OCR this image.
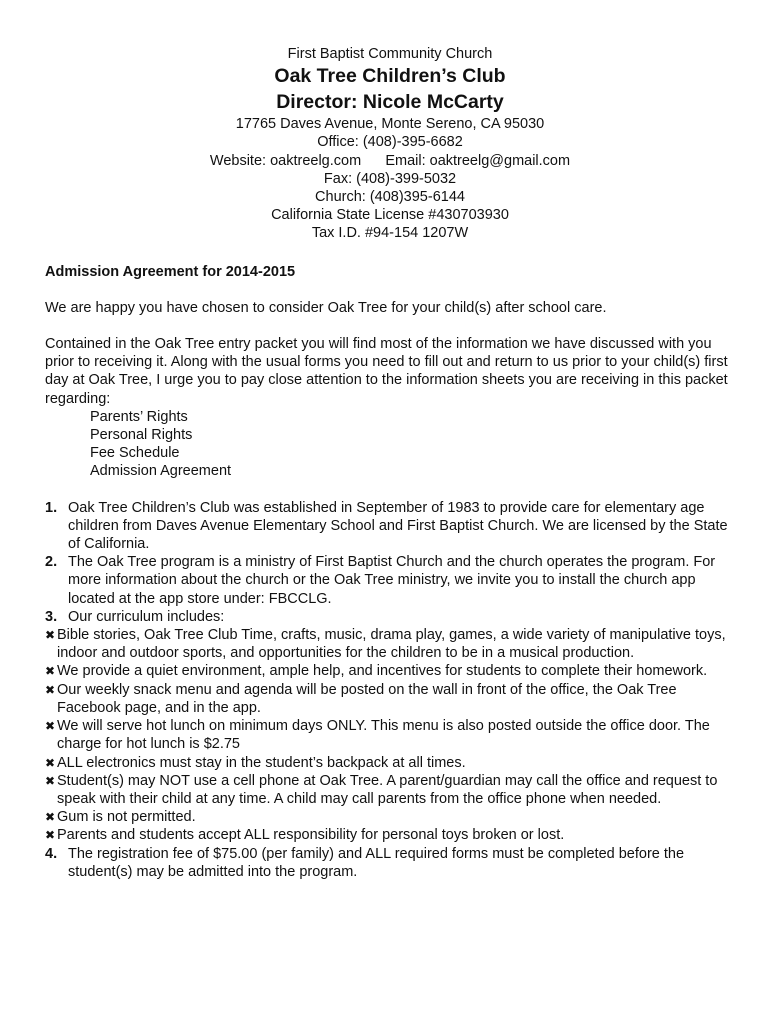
First Baptist Community Church
Oak Tree Children’s Club
Director: Nicole McCarty
17765 Daves Avenue, Monte Sereno, CA 95030
Office: (408)-395-6682
Website: oaktreelg.com      Email: oaktreelg@gmail.com
Fax: (408)-399-5032
Church: (408)395-6144
California State License #430703930
Tax I.D. #94-154 1207W
Admission Agreement for 2014-2015
We are happy you have chosen to consider Oak Tree for your child(s) after school care.
Contained in the Oak Tree entry packet you will find most of the information we have discussed with you prior to receiving it. Along with the usual forms you need to fill out and return to us prior to your child(s) first day at Oak Tree, I urge you to pay close attention to the information sheets you are receiving in this packet regarding:
Parents’ Rights
Personal Rights
Fee Schedule
Admission Agreement
1. Oak Tree Children’s Club was established in September of 1983 to provide care for elementary age children from Daves Avenue Elementary School and First Baptist Church. We are licensed by the State of California.
2. The Oak Tree program is a ministry of First Baptist Church and the church operates the program. For more information about the church or the Oak Tree ministry, we invite you to install the church app located at the app store under: FBCCLG.
3. Our curriculum includes:
✖ Bible stories, Oak Tree Club Time, crafts, music, drama play, games, a wide variety of manipulative toys, indoor and outdoor sports, and opportunities for the children to be in a musical production.
✖ We provide a quiet environment, ample help, and incentives for students to complete their homework.
✖ Our weekly snack menu and agenda will be posted on the wall in front of the office, the Oak Tree Facebook page, and in the app.
✖ We will serve hot lunch on minimum days ONLY. This menu is also posted outside the office door. The charge for hot lunch is $2.75
✖ ALL electronics must stay in the student’s backpack at all times.
✖ Student(s) may NOT use a cell phone at Oak Tree. A parent/guardian may call the office and request to speak with their child at any time. A child may call parents from the office phone when needed.
✖ Gum is not permitted.
✖ Parents and students accept ALL responsibility for personal toys broken or lost.
4. The registration fee of $75.00 (per family) and ALL required forms must be completed before the student(s) may be admitted into the program.
